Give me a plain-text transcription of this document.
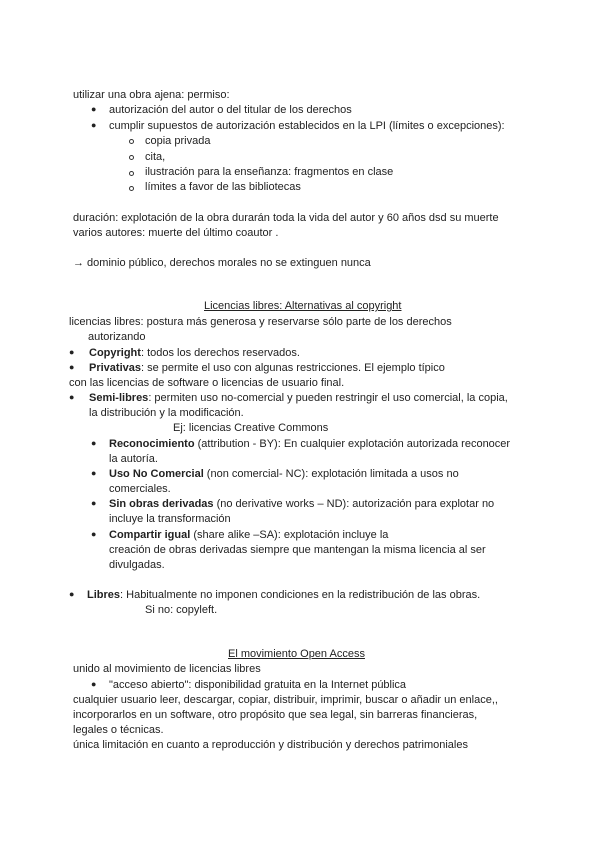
utilizar una obra ajena: permiso:
● autorización del autor o del titular de los derechos
● cumplir supuestos de autorización establecidos en la LPI (límites o excepciones):
copia privada
cita,
ilustración para la enseñanza: fragmentos en clase
límites a favor de las bibliotecas
duración: explotación de la obra durarán toda la vida del autor y 60 años dsd su muerte
varios autores: muerte del último coautor .
→ dominio público, derechos morales no se extinguen nunca
Licencias libres: Alternativas al copyright
licencias libres: postura más generosa y reservarse sólo parte de los derechos
autorizando
● Copyright: todos los derechos reservados.
● Privativas: se permite el uso con algunas restricciones. El ejemplo típico
con las licencias de software o licencias de usuario final.
● Semi-libres: permiten uso no-comercial y pueden restringir el uso comercial, la copia,
la distribución y la modificación.
Ej: licencias Creative Commons
● Reconocimiento (attribution - BY): En cualquier explotación autorizada reconocer
la autoría.
● Uso No Comercial (non comercial- NC): explotación limitada a usos no
comerciales.
● Sin obras derivadas (no derivative works – ND): autorización para explotar no
incluye la transformación
● Compartir igual (share alike –SA): explotación incluye la
creación de obras derivadas siempre que mantengan la misma licencia al ser
divulgadas.
● Libres: Habitualmente no imponen condiciones en la redistribución de las obras.
Si no: copyleft.
El movimiento Open Access
unido al movimiento de licencias libres
● "acceso abierto": disponibilidad gratuita en la Internet pública
cualquier usuario leer, descargar, copiar, distribuir, imprimir, buscar o añadir un enlace,,
incorporarlos en un software, otro propósito que sea legal, sin barreras financieras,
legales o técnicas.
única limitación en cuanto a reproducción y distribución y derechos patrimoniales
